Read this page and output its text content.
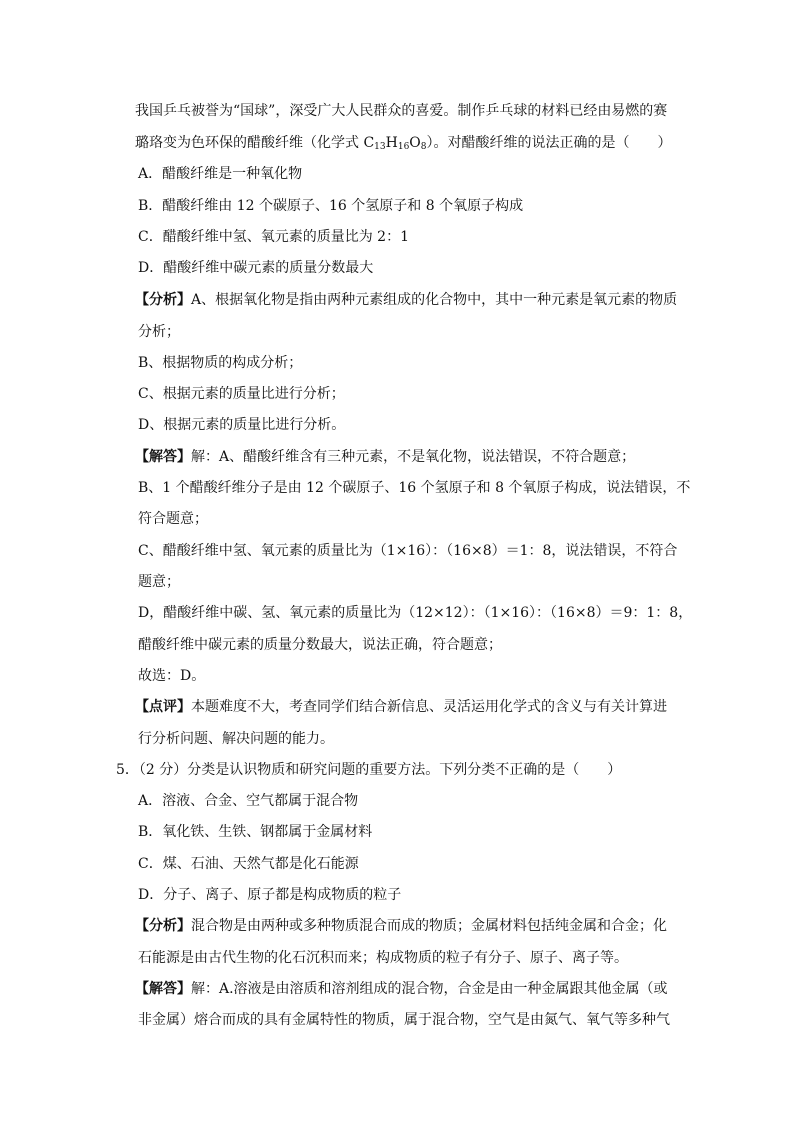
我国乒乓被誉为“国球”，深受广大人民群众的喜爱。制作乒乓球的材料已经由易燃的赛
璐珞变为色环保的醋酸纤维（化学式 $C_{13}H_{16}O_8$）。对醋酸纤维的说法正确的是（　　）
A．醋酸纤维是一种氧化物
B．醋酸纤维由 12 个碳原子、16 个氢原子和 8 个氧原子构成
C．醋酸纤维中氢、氧元素的质量比为 2：1
D．醋酸纤维中碳元素的质量分数最大
【分析】A、根据氧化物是指由两种元素组成的化合物中，其中一种元素是氧元素的物质
分析；
B、根据物质的构成分析；
C、根据元素的质量比进行分析；
D、根据元素的质量比进行分析。
【解答】解：A、醋酸纤维含有三种元素，不是氧化物，说法错误，不符合题意；
B、1 个醋酸纤维分子是由 12 个碳原子、16 个氢原子和 8 个氧原子构成，说法错误，不
符合题意；
C、醋酸纤维中氢、氧元素的质量比为（1×16）：（16×8）＝1：8，说法错误，不符合
题意；
D，醋酸纤维中碳、氢、氧元素的质量比为（12×12）：（1×16）：（16×8）＝9：1：8，
醋酸纤维中碳元素的质量分数最大，说法正确，符合题意；
故选：D。
【点评】本题难度不大，考查同学们结合新信息、灵活运用化学式的含义与有关计算进
行分析问题、解决问题的能力。
5．（2 分）分类是认识物质和研究问题的重要方法。下列分类不正确的是（　　）
A．溶液、合金、空气都属于混合物
B．氧化铁、生铁、钢都属于金属材料
C．煤、石油、天然气都是化石能源
D．分子、离子、原子都是构成物质的粒子
【分析】混合物是由两种或多种物质混合而成的物质；金属材料包括纯金属和合金；化
石能源是由古代生物的化石沉积而来；构成物质的粒子有分子、原子、离子等。
【解答】解：A.溶液是由溶质和溶剂组成的混合物，合金是由一种金属跟其他金属（或
非金属）熔合而成的具有金属特性的物质，属于混合物，空气是由氮气、氧气等多种气
